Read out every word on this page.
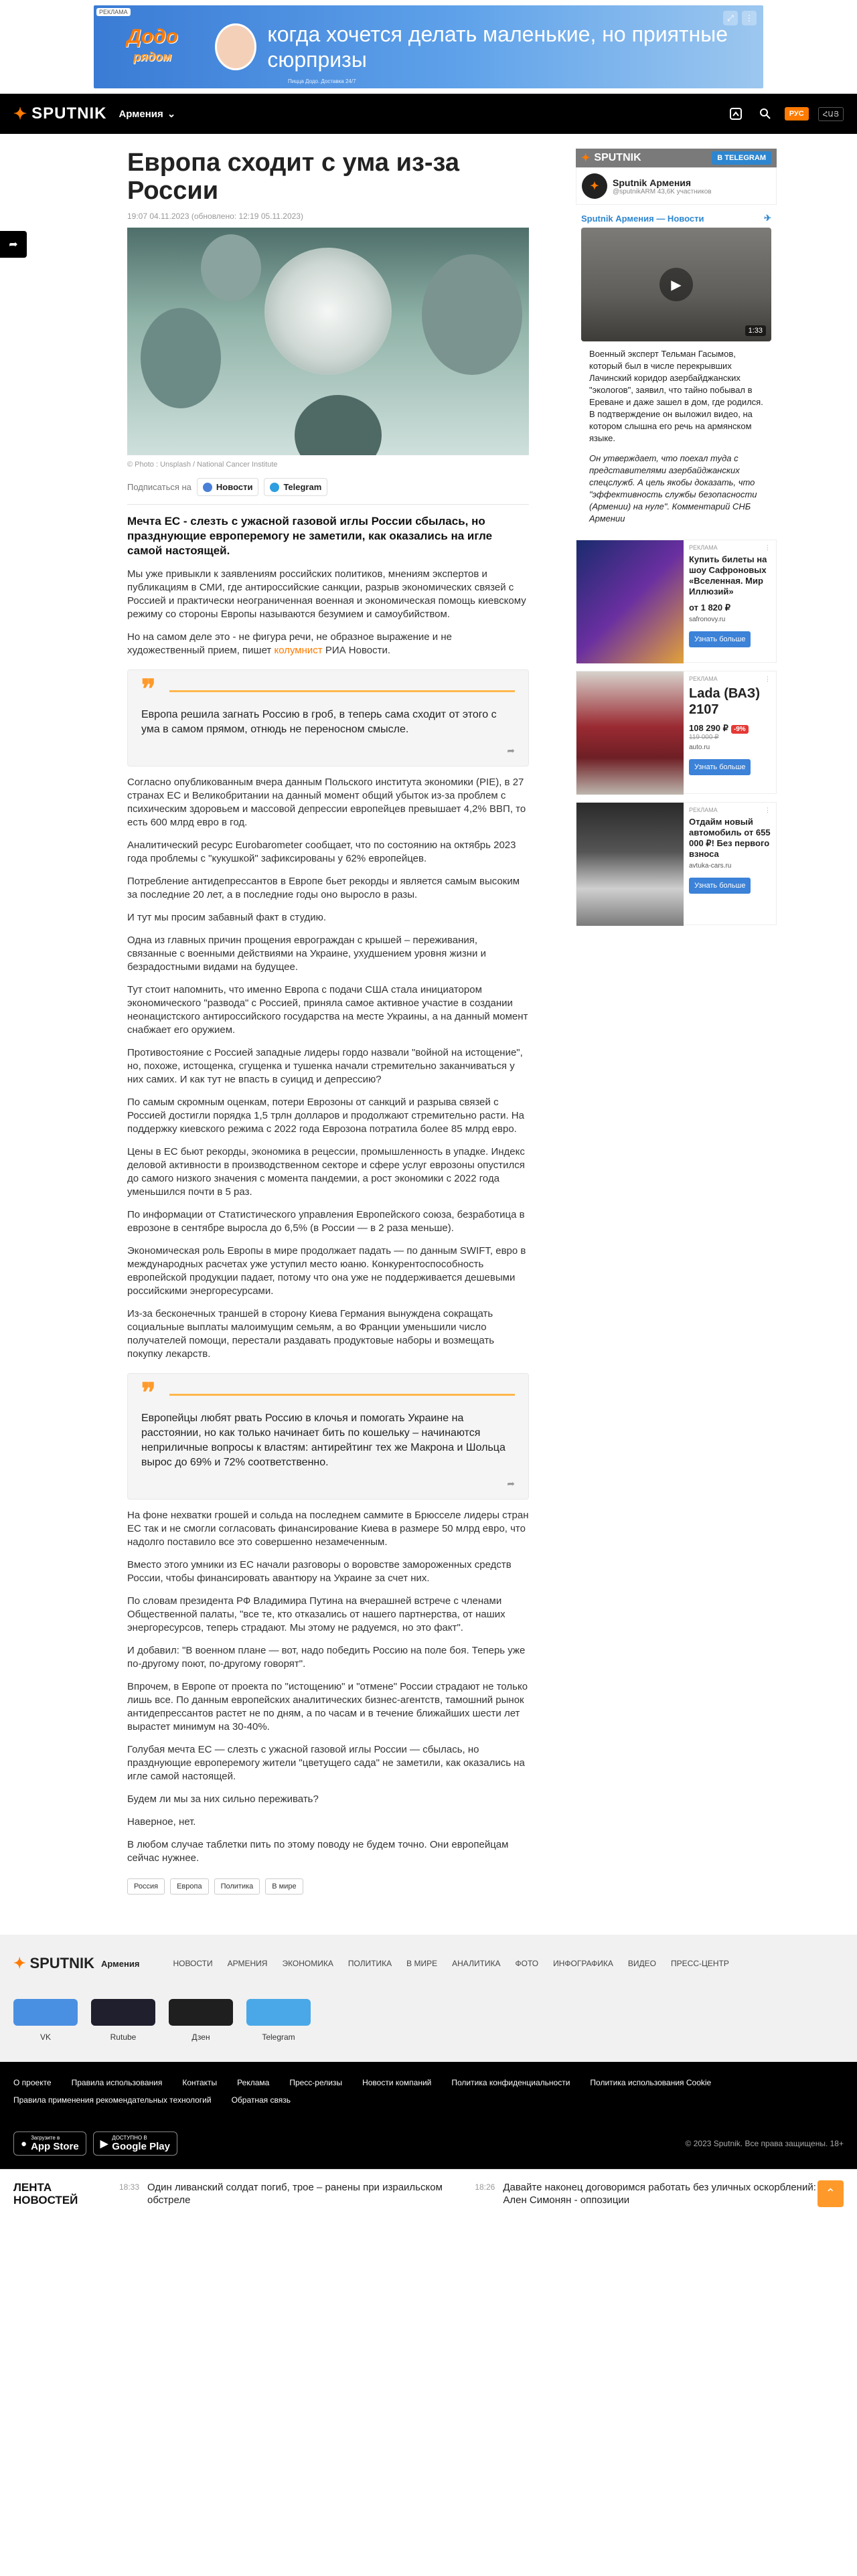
РЕКЛАМА
Додо
рядом
когда хочется делать маленькие, но приятные сюрпризы
Пицца Додо. Доставка 24/7
⤢	⋮
✦ SPUTNIK Армения ⌄	РУС	ՀԱՅ
➦
Европа сходит с ума из-за России
19:07 04.11.2023 (обновлено: 12:19 05.11.2023)
© Photo : Unsplash / National Cancer Institute
Подписаться на	Новости	Telegram
Мечта ЕС - слезть с ужасной газовой иглы России сбылась, но празднующие европеремогу не заметили, как оказались на игле самой настоящей.

Мы уже привыкли к заявлениям российских политиков, мнениям экспертов и публикациям в СМИ, где антироссийские санкции, разрыв экономических связей с Россией и практически неограниченная военная и экономическая помощь киевскому режиму со стороны Европы называются безумием и самоубийством.

Но на самом деле это - не фигура речи, не образное выражение и не художественный прием, пишет колумнист РИА Новости.

❞
Европа решила загнать Россию в гроб, в теперь сама сходит от этого с ума в самом прямом, отнюдь не переносном смысле.
➦

Согласно опубликованным вчера данным Польского института экономики (PIE), в 27 странах ЕС и Великобритании на данный момент общий убыток из-за проблем с психическим здоровьем и массовой депрессии европейцев превышает 4,2% ВВП, то есть 600 млрд евро в год.

Аналитический ресурс Eurobarometer сообщает, что по состоянию на октябрь 2023 года проблемы с "кукушкой" зафиксированы у 62% европейцев.

Потребление антидепрессантов в Европе бьет рекорды и является самым высоким за последние 20 лет, а в последние годы оно выросло в разы.

И тут мы просим забавный факт в студию.

Одна из главных причин прощения еврограждан с крышей – переживания, связанные с военными действиями на Украине, ухудшением уровня жизни и безрадостными видами на будущее.

Тут стоит напомнить, что именно Европа с подачи США стала инициатором экономического "развода" с Россией, приняла самое активное участие в создании неонацистского антироссийского государства на месте Украины, а на данный момент снабжает его оружием.

Противостояние с Россией западные лидеры гордо назвали "войной на истощение", но, похоже, истощенка, сгущенка и тушенка начали стремительно заканчиваться у них самих. И как тут не впасть в суицид и депрессию?

По самым скромным оценкам, потери Еврозоны от санкций и разрыва связей с Россией достигли порядка 1,5 трлн долларов и продолжают стремительно расти. На поддержку киевского режима с 2022 года Еврозона потратила более 85 млрд евро.

Цены в ЕС бьют рекорды, экономика в рецессии, промышленность в упадке. Индекс деловой активности в производственном секторе и сфере услуг еврозоны опустился до самого низкого значения с момента пандемии, а рост экономики с 2022 года уменьшился почти в 5 раз.

По информации от Статистического управления Европейского союза, безработица в еврозоне в сентябре выросла до 6,5% (в России — в 2 раза меньше).

Экономическая роль Европы в мире продолжает падать — по данным SWIFT, евро в международных расчетах уже уступил место юаню. Конкурентоспособность европейской продукции падает, потому что она уже не поддерживается дешевыми российскими энергоресурсами.

Из-за бесконечных траншей в сторону Киева Германия вынуждена сокращать социальные выплаты малоимущим семьям, а во Франции уменьшили число получателей помощи, перестали раздавать продуктовые наборы и возмещать покупку лекарств.

❞
Европейцы любят рвать Россию в клочья и помогать Украине на расстоянии, но как только начинает бить по кошельку – начинаются неприличные вопросы к властям: антирейтинг тех же Макрона и Шольца вырос до 69% и 72% соответственно.
➦

На фоне нехватки грошей и сольда на последнем саммите в Брюсселе лидеры стран ЕС так и не смогли согласовать финансирование Киева в размере 50 млрд евро, что надолго поставило все это совершенно незамеченным.

Вместо этого умники из ЕС начали разговоры о воровстве замороженных средств России, чтобы финансировать авантюру на Украине за счет них.

По словам президента РФ Владимира Путина на вчерашней встрече с членами Общественной палаты, "все те, кто отказались от нашего партнерства, от наших энергоресурсов, теперь страдают. Мы этому не радуемся, но это факт".

И добавил: "В военном плане — вот, надо победить Россию на поле боя. Теперь уже по-другому поют, по-другому говорят".

Впрочем, в Европе от проекта по "истощению" и "отмене" России страдают не только лишь все. По данным европейских аналитических бизнес-агентств, тамошний рынок антидепрессантов растет не по дням, а по часам и в течение ближайших шести лет вырастет минимум на 30-40%.

Голубая мечта ЕС — слезть с ужасной газовой иглы России — сбылась, но празднующие европеремогу жители "цветущего сада" не заметили, как оказались на игле самой настоящей.

Будем ли мы за них сильно переживать?

Наверное, нет.

В любом случае таблетки пить по этому поводу не будем точно. Они европейцам сейчас нужнее.

Россия	Европа	Политика	В мире
✦ SPUTNIK	В TELEGRAM
✦	Sputnik Армения
@sputnikARM 43,6K участников
Sputnik Армения — Новости	✈
▶
1:33
Военный эксперт Тельман Гасымов, который был в числе перекрывших Лачинский коридор азербайджанских "экологов", заявил, что тайно побывал в Ереване и даже зашел в дом, где родился. В подтверждение он выложил видео, на котором слышна его речь на армянском языке.
Он утверждает, что поехал туда с представителями азербайджанских спецслужб. А цель якобы доказать, что "эффективность службы безопасности (Армении) на нуле". Комментарий СНБ Армении
РЕКЛАМА	⋮
Купить билеты на шоу Сафроновых «Вселенная. Мир Иллюзий»
от 1 820 ₽
safronovy.ru
Узнать больше
РЕКЛАМА	⋮
Lada (ВАЗ) 2107
108 290 ₽ -9%
119 000 ₽
auto.ru
Узнать больше
РЕКЛАМА	⋮
Отдайм новый автомобиль от 655 000 ₽! Без первого взноса
avtuka-cars.ru
Узнать больше
✦ SPUTNIK Армения	НОВОСТИ АРМЕНИЯ ЭКОНОМИКА ПОЛИТИКА В МИРЕ АНАЛИТИКА ФОТО ИНФОГРАФИКА ВИДЕО ПРЕСС-ЦЕНТР
VK	Rutube	Дзен	Telegram
О проекте	Правила использования	Контакты	Реклама	Пресс-релизы	Новости компаний	Политика конфиденциальности	Политика использования Cookie
Правила применения рекомендательных технологий	Обратная связь
● Загрузите в
App Store ▶
ДОСТУПНО В
Google Play	© 2023 Sputnik. Все права защищены. 18+
ЛЕНТА НОВОСТЕЙ
18:33 Один ливанский солдат погиб, трое – ранены при израильском обстреле
18:26 Давайте наконец договоримся работать без уличных оскорблений: Ален Симонян - оппозиции	⌃
